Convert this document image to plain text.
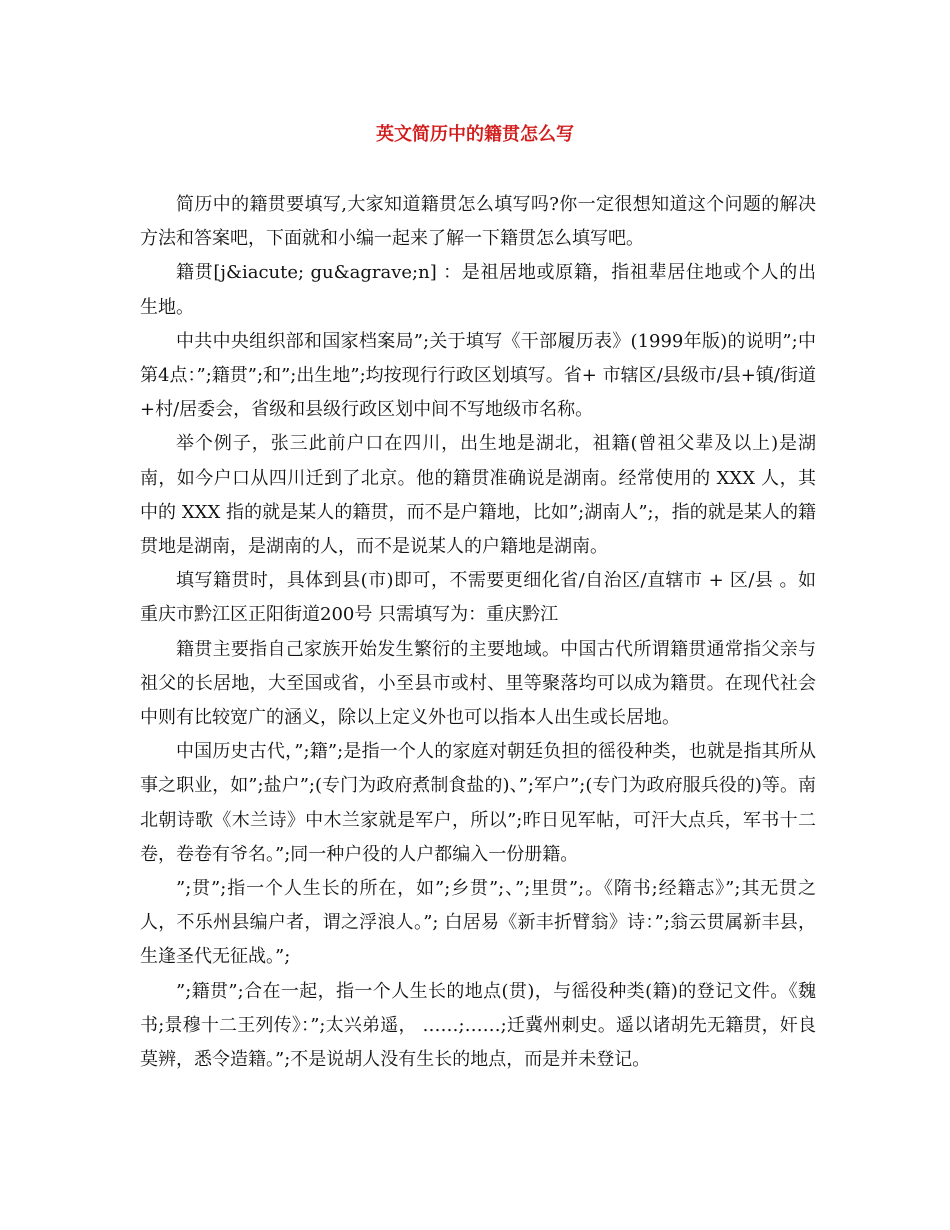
英文简历中的籍贯怎么写

简历中的籍贯要填写,大家知道籍贯怎么填写吗?你一定很想知道这个问题的解决方法和答案吧，下面就和小编一起来了解一下籍贯怎么填写吧。

籍贯[j&iacute; gu&agrave;n] ：是祖居地或原籍，指祖辈居住地或个人的出生地。

中共中央组织部和国家档案局”;关于填写《干部履历表》(1999年版)的说明”;中第4点：”;籍贯”;和”;出生地”;均按现行行政区划填写。省+ 市辖区/县级市/县+镇/街道+村/居委会，省级和县级行政区划中间不写地级市名称。

举个例子，张三此前户口在四川，出生地是湖北，祖籍(曾祖父辈及以上)是湖南，如今户口从四川迁到了北京。他的籍贯准确说是湖南。经常使用的 XXX 人，其中的 XXX 指的就是某人的籍贯，而不是户籍地，比如”;湖南人”;，指的就是某人的籍贯地是湖南，是湖南的人，而不是说某人的户籍地是湖南。

填写籍贯时，具体到县(市)即可，不需要更细化省/自治区/直辖市 + 区/县 。如重庆市黔江区正阳街道200号 只需填写为：重庆黔江

籍贯主要指自己家族开始发生繁衍的主要地域。中国古代所谓籍贯通常指父亲与祖父的长居地，大至国或省，小至县市或村、里等聚落均可以成为籍贯。在现代社会中则有比较宽广的涵义，除以上定义外也可以指本人出生或长居地。

中国历史古代，”;籍”;是指一个人的家庭对朝廷负担的徭役种类，也就是指其所从事之职业，如”;盐户”;(专门为政府煮制食盐的)、”;军户”;(专门为政府服兵役的)等。南北朝诗歌《木兰诗》中木兰家就是军户，所以”;昨日见军帖，可汗大点兵，军书十二卷，卷卷有爷名。”;同一种户役的人户都编入一份册籍。

”;贯”;指一个人生长的所在，如”;乡贯”;、”;里贯”;。《隋书;经籍志》”;其无贯之人，不乐州县编户者，谓之浮浪人。”; 白居易《新丰折臂翁》诗：”;翁云贯属新丰县，生逢圣代无征战。”;

”;籍贯”;合在一起，指一个人生长的地点(贯)，与徭役种类(籍)的登记文件。《魏书;景穆十二王列传》：”;太兴弟遥， ……;……;迁冀州刺史。遥以诸胡先无籍贯，奸良莫辨，悉令造籍。”;不是说胡人没有生长的地点，而是并未登记。
